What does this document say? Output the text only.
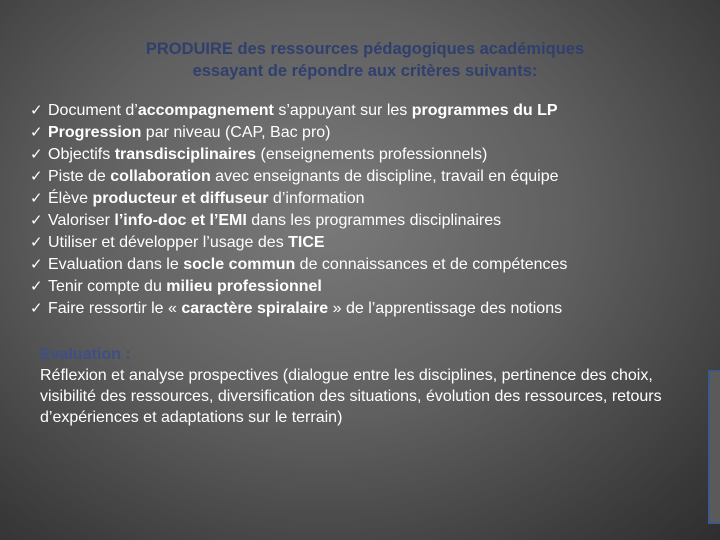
PRODUIRE des ressources pédagogiques académiques
essayant de répondre aux critères suivants:
✓ Document d’accompagnement s’appuyant sur les programmes du LP
✓ Progression par niveau (CAP, Bac pro)
✓ Objectifs transdisciplinaires (enseignements professionnels)
✓ Piste de collaboration avec enseignants de discipline, travail en équipe
✓ Élève producteur et diffuseur d’information
✓ Valoriser l’info-doc et l’EMI dans les programmes disciplinaires
✓ Utiliser et développer l’usage des TICE
✓ Evaluation dans le socle commun de connaissances et de compétences
✓ Tenir compte du milieu professionnel
✓ Faire ressortir le « caractère spiralaire » de l’apprentissage des notions
Evaluation :
Réflexion et analyse prospectives (dialogue entre les disciplines, pertinence des choix, visibilité des ressources, diversification des situations, évolution des ressources, retours d’expériences et adaptations sur le terrain)
